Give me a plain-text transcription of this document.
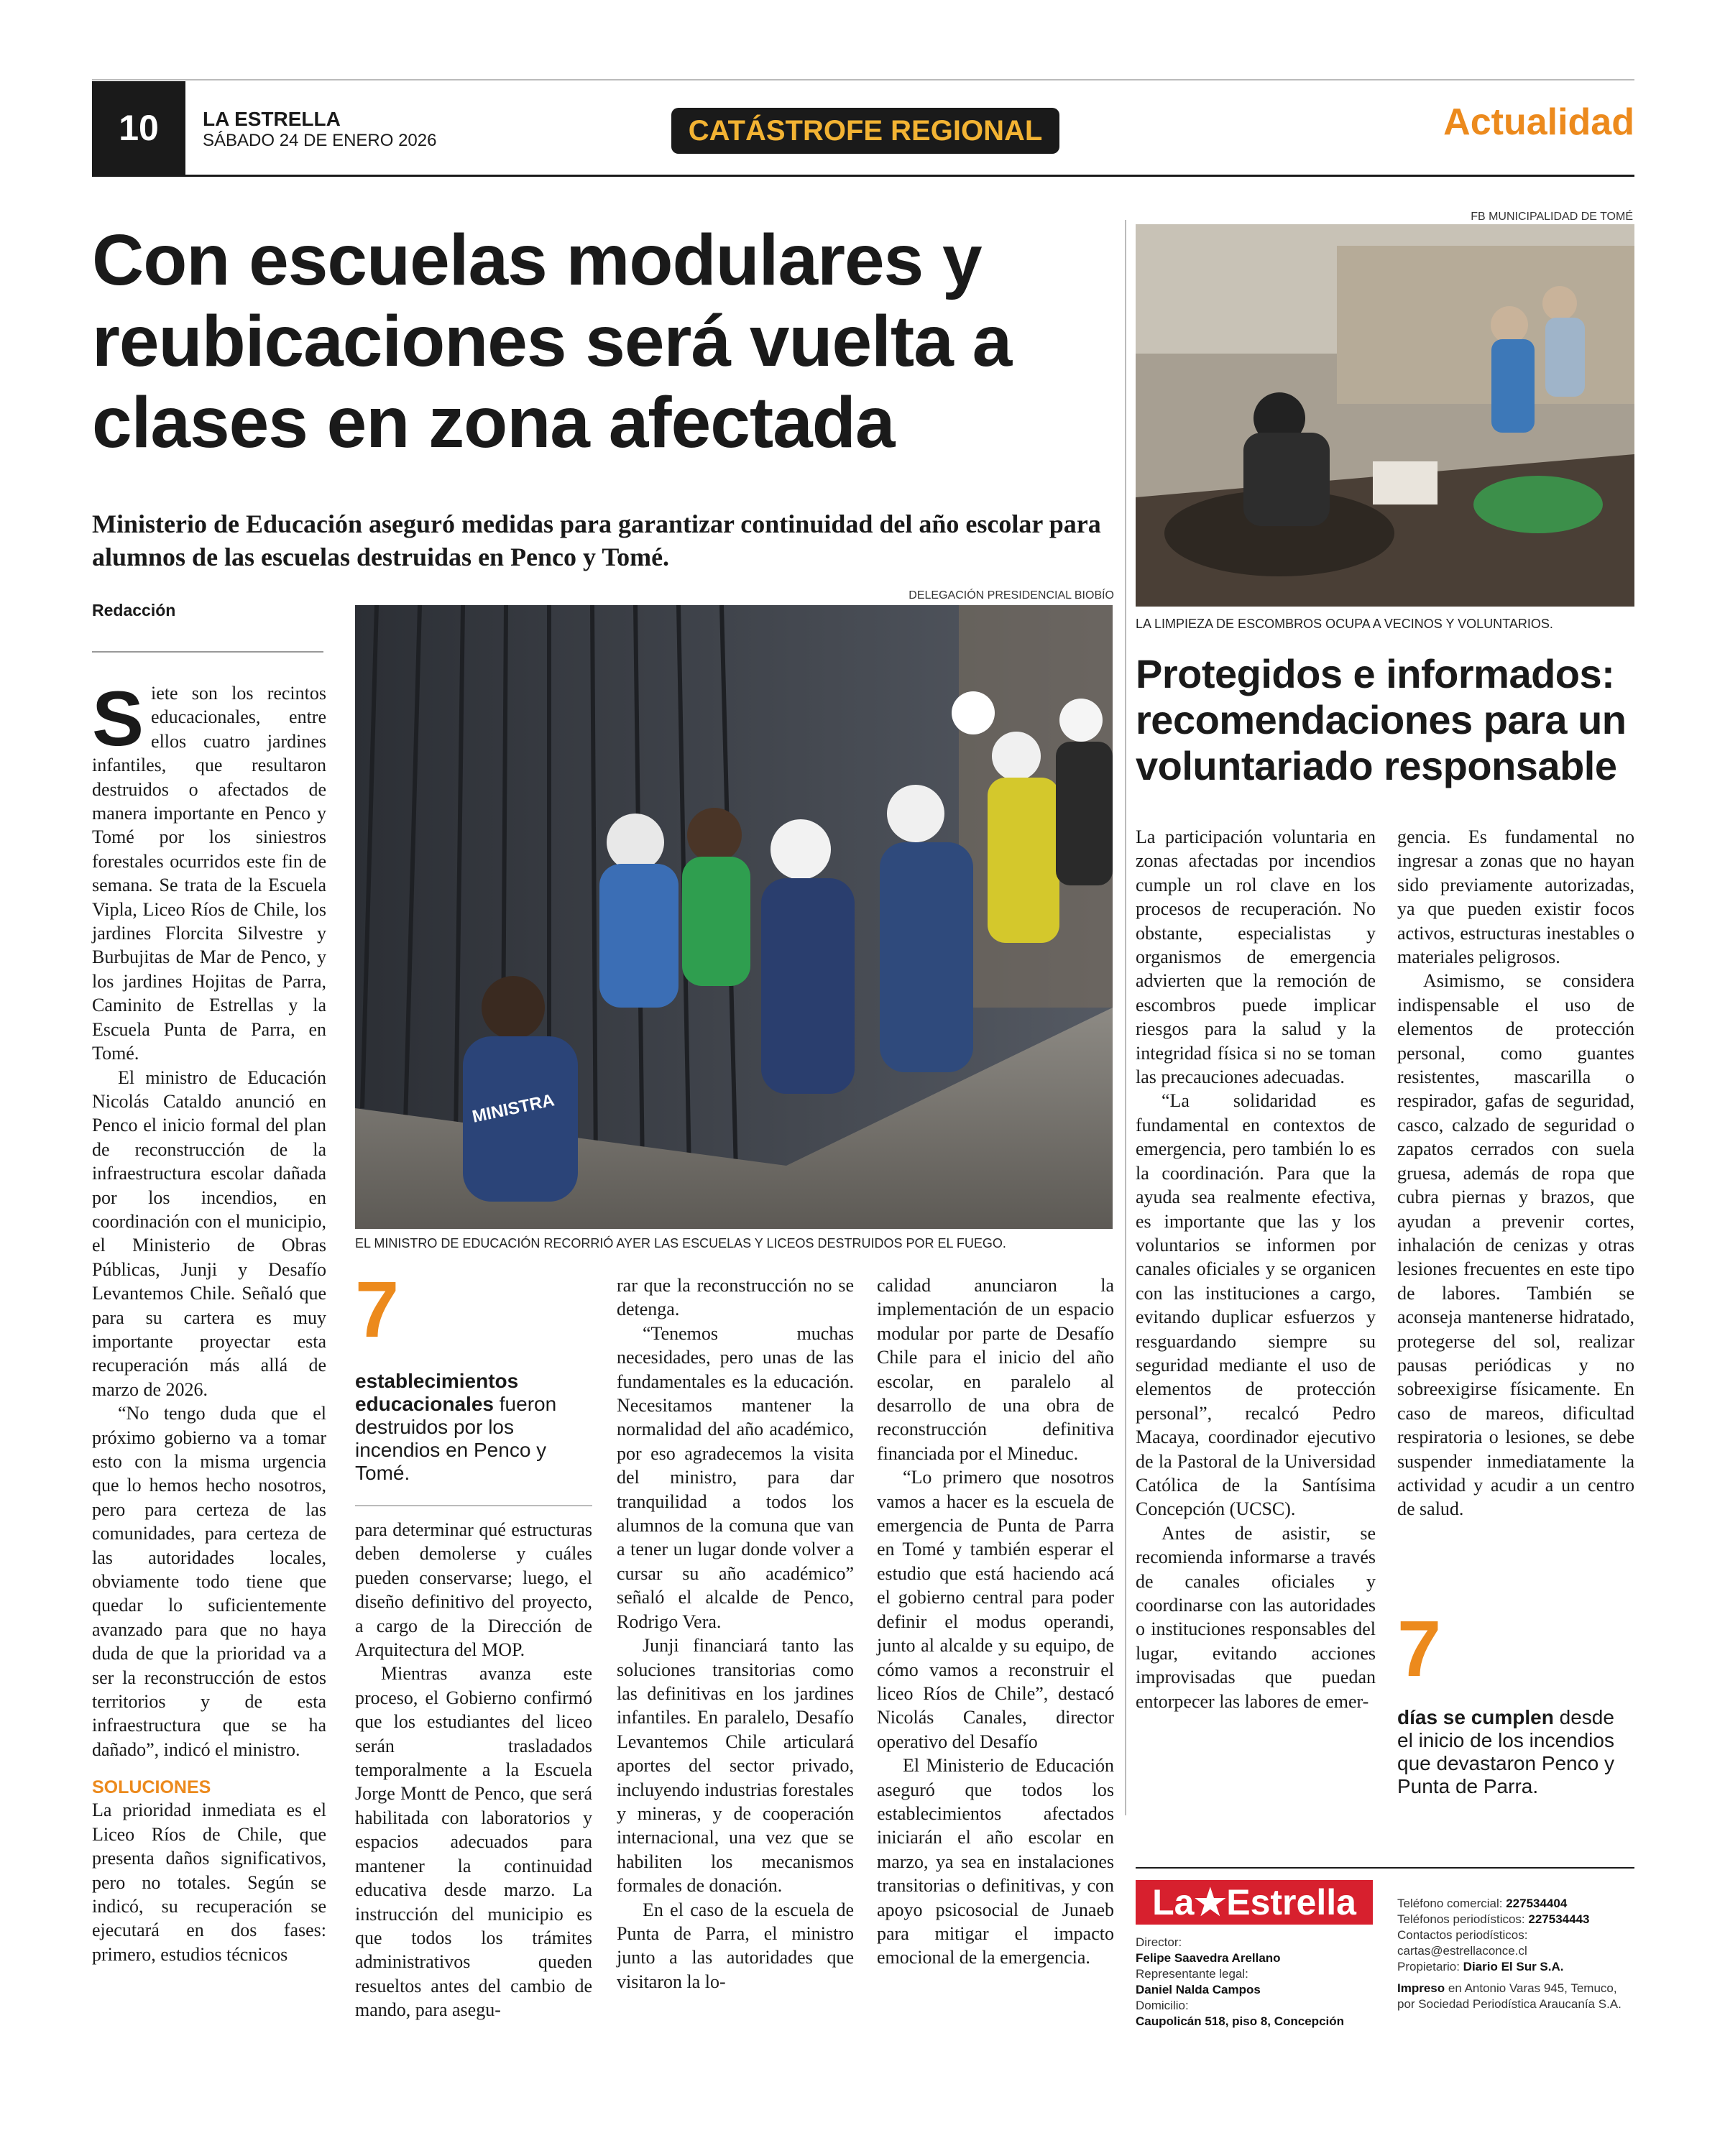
10	LA ESTRELLA
SÁBADO 24 DE ENERO 2026	CATÁSTROFE REGIONAL	Actualidad
Con escuelas modulares y reubicaciones será vuelta a clases en zona afectada

Ministerio de Educación aseguró medidas para garantizar continuidad del año escolar para alumnos de las escuelas destruidas en Penco y Tomé.

Redacción
DELEGACIÓN PRESIDENCIAL BIOBÍO
MINISTRA
EL MINISTRO DE EDUCACIÓN RECORRIÓ AYER LAS ESCUELAS Y LICEOS DESTRUIDOS POR EL FUEGO.

Siete son los recintos educacionales, entre ellos cuatro jardines infantiles, que resultaron destruidos o afectados de manera importante en Penco y Tomé por los siniestros forestales ocurridos este fin de semana. Se trata de la Escuela Vipla, Liceo Ríos de Chile, los jardines Florcita Silvestre y Burbujitas de Mar de Penco, y los jardines Hojitas de Parra, Caminito de Estrellas y la Escuela Punta de Parra, en Tomé.

El ministro de Educación Nicolás Cataldo anunció en Penco el inicio formal del plan de reconstrucción de la infraestructura escolar dañada por los incendios, en coordinación con el municipio, el Ministerio de Obras Públicas, Junji y Desafío Levantemos Chile. Señaló que para su cartera es muy importante proyectar esta recuperación más allá de marzo de 2026.

“No tengo duda que el próximo gobierno va a tomar esto con la misma urgencia que lo hemos hecho nosotros, pero para certeza de las comunidades, para certeza de las autoridades locales, obviamente todo tiene que quedar lo suficientemente avanzado para que no haya duda de que la prioridad va a ser la reconstrucción de estos territorios y de esta infraestructura que se ha dañado”, indicó el ministro.

SOLUCIONES

La prioridad inmediata es el Liceo Ríos de Chile, que presenta daños significativos, pero no totales. Según se indicó, su recuperación se ejecutará en dos fases: primero, estudios técnicos

7
establecimientos educacionales fueron destruidos por los incendios en Penco y Tomé.

para determinar qué estructuras deben demolerse y cuáles pueden conservarse; luego, el diseño definitivo del proyecto, a cargo de la Dirección de Arquitectura del MOP.

Mientras avanza este proceso, el Gobierno confirmó que los estudiantes del liceo serán trasladados temporalmente a la Escuela Jorge Montt de Penco, que será habilitada con laboratorios y espacios adecuados para mantener la continuidad educativa desde marzo. La instrucción del municipio es que todos los trámites administrativos queden resueltos antes del cambio de mando, para asegu-

rar que la reconstrucción no se detenga.

“Tenemos muchas necesidades, pero unas de las fundamentales es la educación. Necesitamos mantener la normalidad del año académico, por eso agradecemos la visita del ministro, para dar tranquilidad a todos los alumnos de la comuna que van a tener un lugar donde volver a cursar su año académico” señaló el alcalde de Penco, Rodrigo Vera.

Junji financiará tanto las soluciones transitorias como las definitivas en los jardines infantiles. En paralelo, Desafío Levantemos Chile articulará aportes del sector privado, incluyendo industrias forestales y mineras, y de cooperación internacional, una vez que se habiliten los mecanismos formales de donación.

En el caso de la escuela de Punta de Parra, el ministro junto a las autoridades que visitaron la lo-

calidad anunciaron la implementación de un espacio modular por parte de Desafío Chile para el inicio del año escolar, en paralelo al desarrollo de una obra de reconstrucción definitiva financiada por el Mineduc.

“Lo primero que nosotros vamos a hacer es la escuela de emergencia de Punta de Parra en Tomé y también esperar el estudio que está haciendo acá el gobierno central para poder definir el modus operandi, junto al alcalde y su equipo, de cómo vamos a reconstruir el liceo Ríos de Chile”, destacó Nicolás Canales, director operativo del Desafío

El Ministerio de Educación aseguró que todos los establecimientos afectados iniciarán el año escolar en marzo, ya sea en instalaciones transitorias o definitivas, y con apoyo psicosocial de Junaeb para mitigar el impacto emocional de la emergencia.

FB MUNICIPALIDAD DE TOMÉ
LA LIMPIEZA DE ESCOMBROS OCUPA A VECINOS Y VOLUNTARIOS.
Protegidos e informados: recomendaciones para un voluntariado responsable

La participación voluntaria en zonas afectadas por incendios cumple un rol clave en los procesos de recuperación. No obstante, especialistas y organismos de emergencia advierten que la remoción de escombros puede implicar riesgos para la salud y la integridad física si no se toman las precauciones adecuadas.

“La solidaridad es fundamental en contextos de emergencia, pero también lo es la coordinación. Para que la ayuda sea realmente efectiva, es importante que las y los voluntarios se informen por canales oficiales y se organicen con las instituciones a cargo, evitando duplicar esfuerzos y resguardando siempre su seguridad mediante el uso de elementos de protección personal”, recalcó Pedro Macaya, coordinador ejecutivo de la Pastoral de la Universidad Católica de la Santísima Concepción (UCSC).

Antes de asistir, se recomienda informarse a través de canales oficiales y coordinarse con las autoridades o instituciones responsables del lugar, evitando acciones improvisadas que puedan entorpecer las labores de emer-

gencia. Es fundamental no ingresar a zonas que no hayan sido previamente autorizadas, ya que pueden existir focos activos, estructuras inestables o materiales peligrosos.

Asimismo, se considera indispensable el uso de elementos de protección personal, como guantes resistentes, mascarilla o respirador, gafas de seguridad, casco, calzado de seguridad o zapatos cerrados con suela gruesa, además de ropa que cubra piernas y brazos, que ayudan a prevenir cortes, inhalación de cenizas y otras lesiones frecuentes en este tipo de labores. También se aconseja mantenerse hidratado, protegerse del sol, realizar pausas periódicas y no sobreexigirse físicamente. En caso de mareos, dificultad respiratoria o lesiones, se debe suspender inmediatamente la actividad y acudir a un centro de salud.

7
días se cumplen desde el inicio de los incendios que devastaron Penco y Punta de Parra.
La★Estrella
Director:
Felipe Saavedra Arellano
Representante legal:
Daniel Nalda Campos
Domicilio:
Caupolicán 518, piso 8, Concepción
Teléfono comercial: 227534404
Teléfonos periodísticos: 227534443
Contactos periodísticos:
cartas@estrellaconce.cl
Propietario: Diario El Sur S.A.
Impreso en Antonio Varas 945, Temuco, por Sociedad Periodística Araucanía S.A.
